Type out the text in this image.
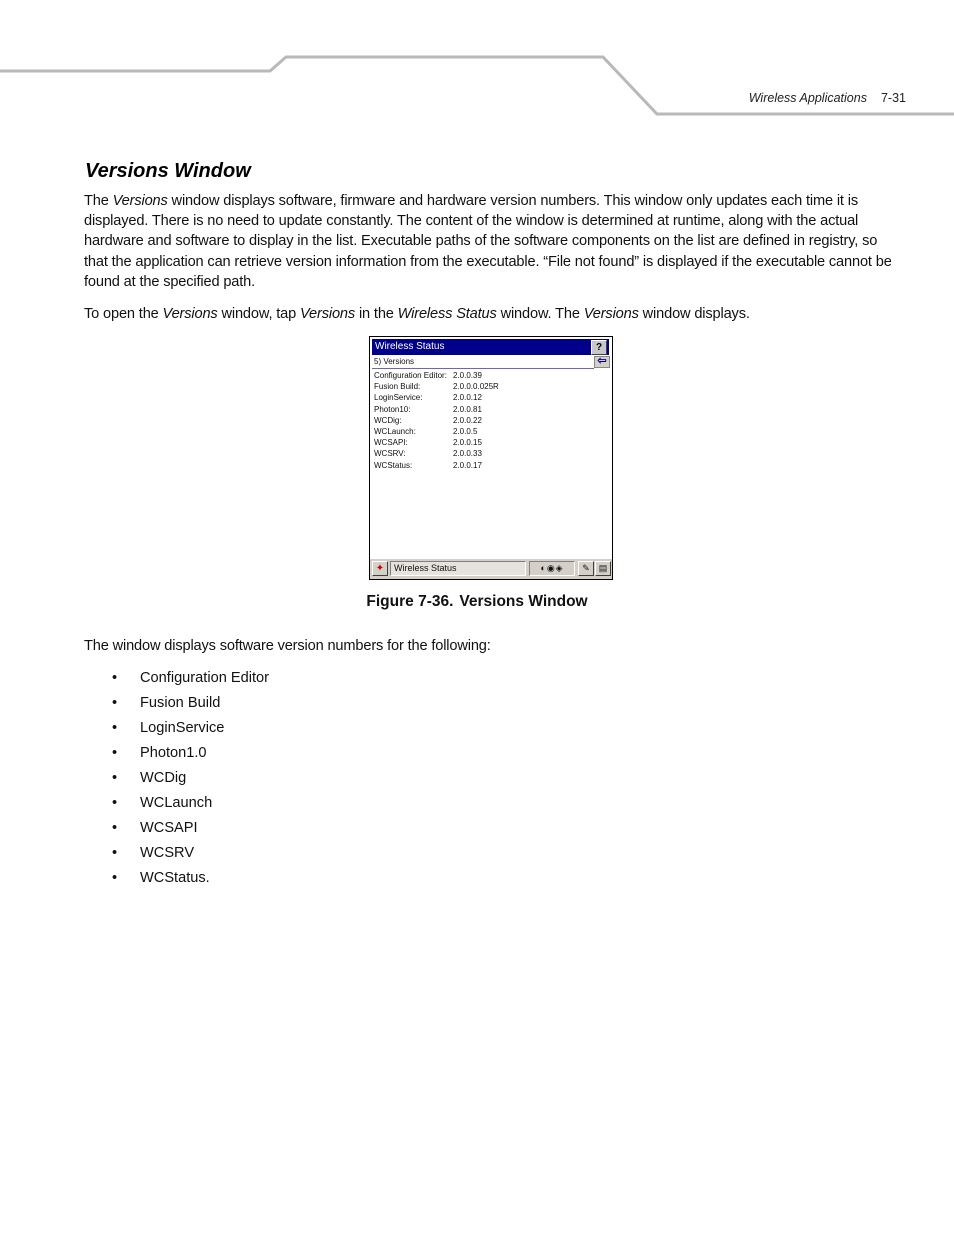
Wireless Applications 7-31
Versions Window

The Versions window displays software, firmware and hardware version numbers. This window only updates each time it is displayed. There is no need to update constantly. The content of the window is determined at runtime, along with the actual hardware and software to display in the list. Executable paths of the software components on the list are defined in registry, so that the application can retrieve version information from the executable. “File not found” is displayed if the executable cannot be found at the specified path.

To open the Versions window, tap Versions in the Wireless Status window. The Versions window displays.

Wireless Status	?
5) Versions	⇦
Configuration Editor: 2.0.0.39
Fusion Build:	2.0.0.0.025R
LoginService:	2.0.0.12
Photon10:	2.0.0.81
WCDig:	2.0.0.22
WCLaunch:	2.0.0.5
WCSAPI:	2.0.0.15
WCSRV:	2.0.0.33
WCStatus:	2.0.0.17
✦	Wireless Status	◐◉◈	✎ ▤

Figure 7-36. Versions Window

The window displays software version numbers for the following:

• Configuration Editor
• Fusion Build
• LoginService
• Photon1.0
• WCDig
• WCLaunch
• WCSAPI
• WCSRV
• WCStatus.
